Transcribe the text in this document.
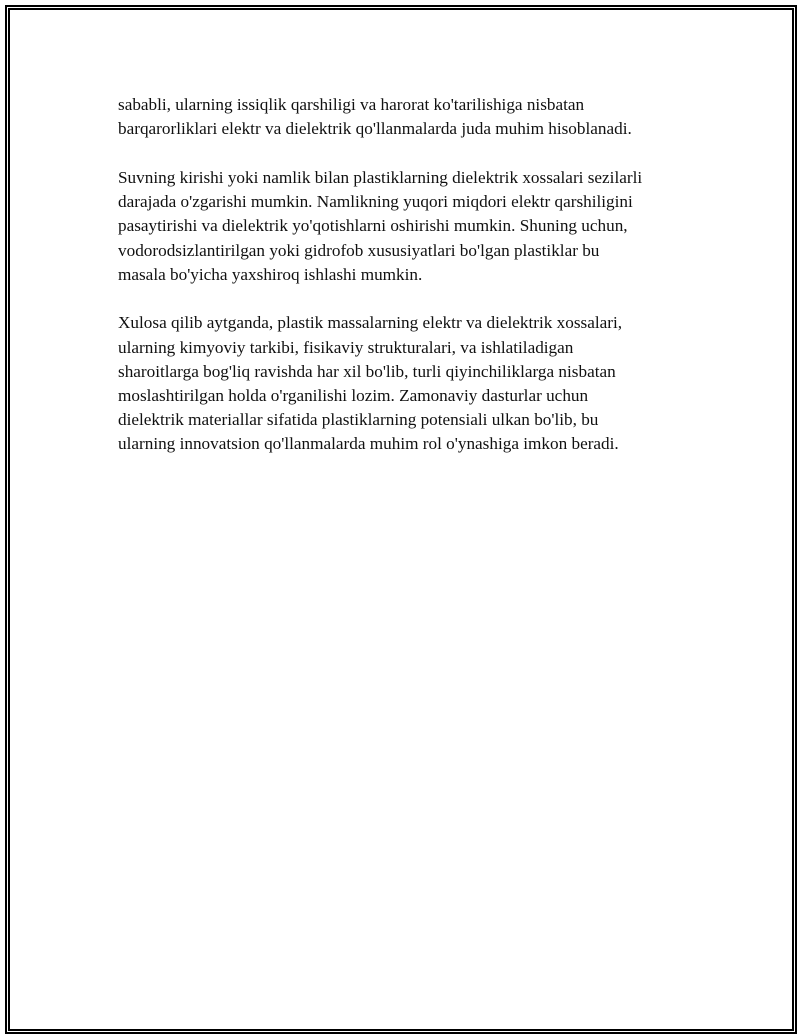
sababli, ularning issiqlik qarshiligi va harorat ko'tarilishiga nisbatan
barqarorliklari elektr va dielektrik qo'llanmalarda juda muhim hisoblanadi.

Suvning kirishi yoki namlik bilan plastiklarning dielektrik xossalari sezilarli
darajada o'zgarishi mumkin. Namlikning yuqori miqdori elektr qarshiligini
pasaytirishi va dielektrik yo'qotishlarni oshirishi mumkin. Shuning uchun,
vodorodsizlantirilgan yoki gidrofob xususiyatlari bo'lgan plastiklar bu
masala bo'yicha yaxshiroq ishlashi mumkin.

Xulosa qilib aytganda, plastik massalarning elektr va dielektrik xossalari,
ularning kimyoviy tarkibi, fisikaviy strukturalari, va ishlatiladigan
sharoitlarga bog'liq ravishda har xil bo'lib, turli qiyinchiliklarga nisbatan
moslashtirilgan holda o'rganilishi lozim. Zamonaviy dasturlar uchun
dielektrik materiallar sifatida plastiklarning potensiali ulkan bo'lib, bu
ularning innovatsion qo'llanmalarda muhim rol o'ynashiga imkon beradi.
